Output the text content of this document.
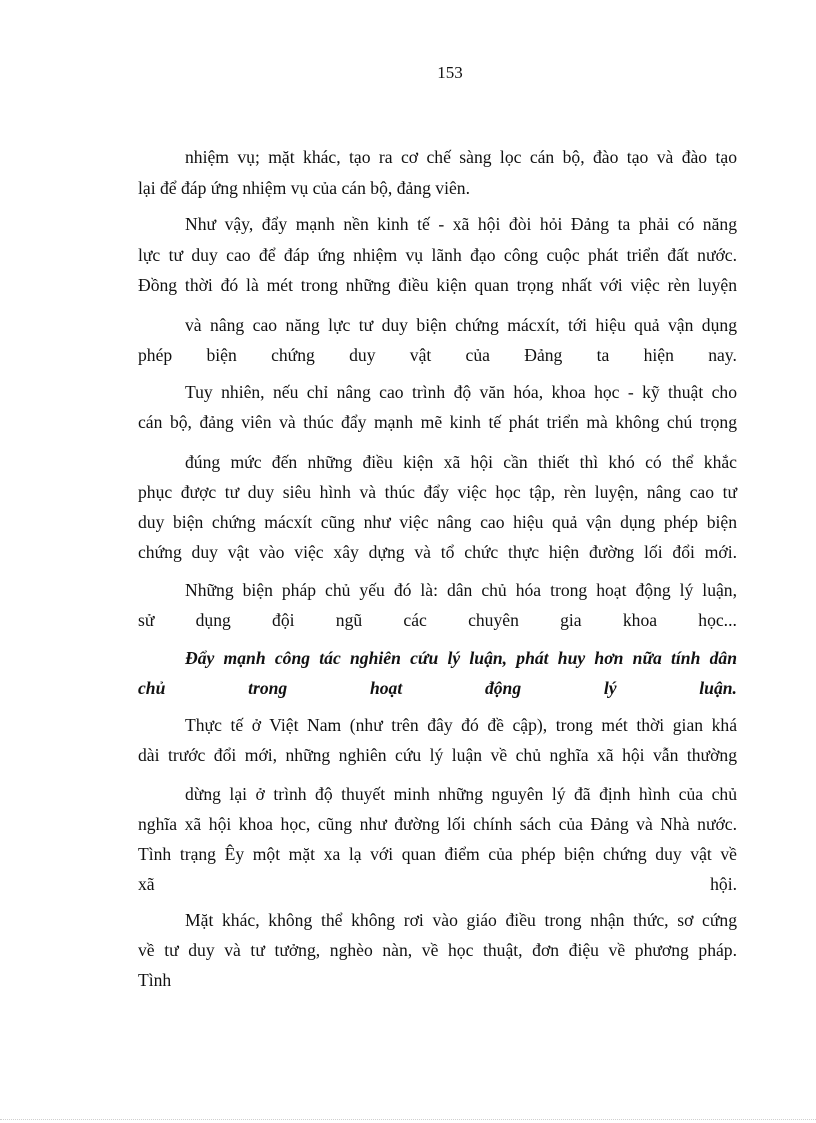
153
nhiệm vụ; mặt khác, tạo ra cơ chế sàng lọc cán bộ, đào tạo và đào tạo
lại để đáp ứng nhiệm vụ của cán bộ, đảng viên.
Như vậy, đẩy mạnh nền kinh tế - xã hội đòi hỏi Đảng ta phải có năng
lực tư duy cao để đáp ứng nhiệm vụ lãnh đạo công cuộc phát triển đất nước.
Đồng thời đó là mét trong những điều kiện quan trọng nhất với việc rèn luyện
và nâng cao năng lực tư duy biện chứng mácxít, tới hiệu quả vận dụng
phép biện chứng duy vật của Đảng ta hiện nay.
Tuy nhiên, nếu chỉ nâng cao trình độ văn hóa, khoa học - kỹ thuật cho
cán bộ, đảng viên và thúc đẩy mạnh mẽ kinh tế phát triển mà không chú trọng
đúng mức đến những điều kiện xã hội cần thiết thì khó có thể khắc
phục được tư duy siêu hình và thúc đẩy việc học tập, rèn luyện, nâng cao tư
duy biện chứng mácxít cũng như việc nâng cao hiệu quả vận dụng phép biện
chứng duy vật vào việc xây dựng và tổ chức thực hiện đường lối đổi mới.
Những biện pháp chủ yếu đó là: dân chủ hóa trong hoạt động lý luận,
sử dụng đội ngũ các chuyên gia khoa học...
Đẩy mạnh công tác nghiên cứu lý luận, phát huy hơn nữa tính dân
chủ	trong	hoạt	động	lý	luận.
Thực tế ở Việt Nam (như trên đây đó đề cập), trong mét thời gian khá
dài trước đổi mới, những nghiên cứu lý luận về chủ nghĩa xã hội vẫn thường
dừng lại ở trình độ thuyết minh những nguyên lý đã định hình của chủ
nghĩa xã hội khoa học, cũng như đường lối chính sách của Đảng và Nhà nước.
Tình trạng Êy một mặt xa lạ với quan điểm của phép biện chứng duy vật về
xã	hội.
Mặt khác, không thể không rơi vào giáo điều trong nhận thức, sơ cứng
về tư duy và tư tưởng, nghèo nàn, về học thuật, đơn điệu về phương pháp.
Tình
